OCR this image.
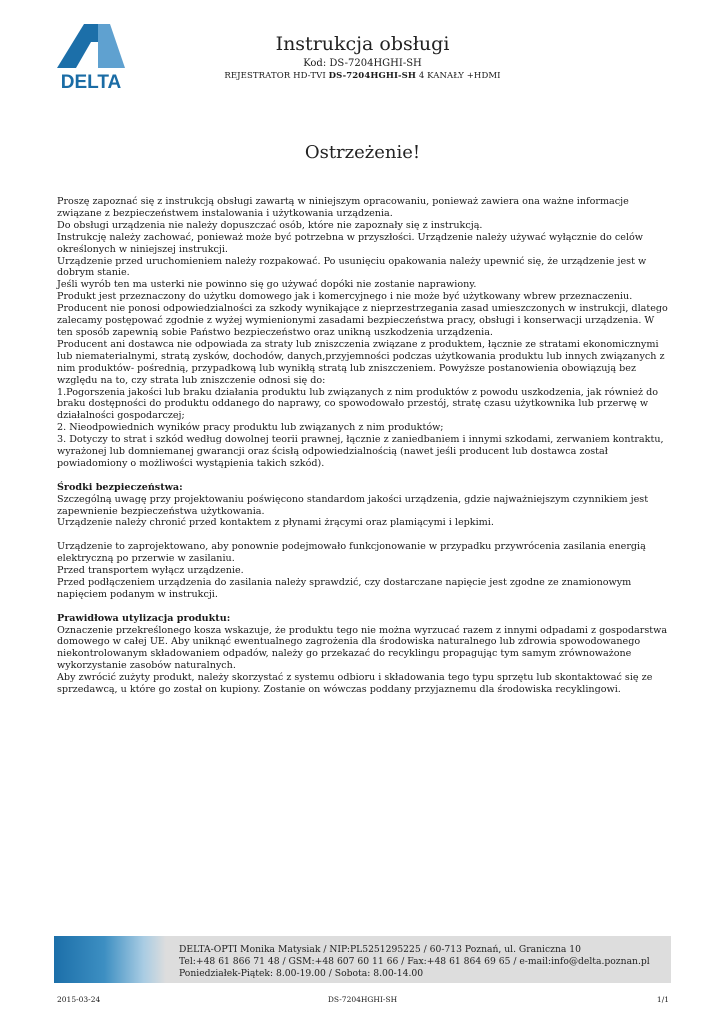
DELTA
Instrukcja obsługi
Kod: DS-7204HGHI-SH
REJESTRATOR HD-TVI DS-7204HGHI-SH 4 KANAŁY +HDMI
Ostrzeżenie!

Proszę zapoznać się z instrukcją obsługi zawartą w niniejszym opracowaniu, ponieważ zawiera ona ważne informacje związane z bezpieczeństwem instalowania i użytkowania urządzenia.

Do obsługi urządzenia nie należy dopuszczać osób, które nie zapoznały się z instrukcją.

Instrukcję należy zachować, ponieważ może być potrzebna w przyszłości. Urządzenie należy używać wyłącznie do celów określonych w niniejszej instrukcji.

Urządzenie przed uruchomieniem należy rozpakować. Po usunięciu opakowania należy upewnić się, że urządzenie jest w dobrym stanie.

Jeśli wyrób ten ma usterki nie powinno się go używać dopóki nie zostanie naprawiony.

Produkt jest przeznaczony do użytku domowego jak i komercyjnego i nie może być użytkowany wbrew przeznaczeniu.

Producent nie ponosi odpowiedzialności za szkody wynikające z nieprzestrzegania zasad umieszczonych w instrukcji, dlatego zalecamy postępować zgodnie z wyżej wymienionymi zasadami bezpieczeństwa pracy, obsługi i konserwacji urządzenia. W ten sposób zapewnią sobie Państwo bezpieczeństwo oraz unikną uszkodzenia urządzenia.

Producent ani dostawca nie odpowiada za straty lub zniszczenia związane z produktem, łącznie ze stratami ekonomicznymi lub niematerialnymi, stratą zysków, dochodów, danych,przyjemności podczas użytkowania produktu lub innych związanych z nim produktów- pośrednią, przypadkową lub wynikłą stratą lub zniszczeniem. Powyższe postanowienia obowiązują bez względu na to, czy strata lub zniszczenie odnosi się do:

1.Pogorszenia jakości lub braku działania produktu lub związanych z nim produktów z powodu uszkodzenia, jak również do braku dostępności do produktu oddanego do naprawy, co spowodowało przestój, stratę czasu użytkownika lub przerwę w działalności gospodarczej;

2. Nieodpowiednich wyników pracy produktu lub związanych z nim produktów;

3. Dotyczy to strat i szkód według dowolnej teorii prawnej, łącznie z zaniedbaniem i innymi szkodami, zerwaniem kontraktu, wyrażonej lub domniemanej gwarancji oraz ścisłą odpowiedzialnością (nawet jeśli producent lub dostawca został powiadomiony o możliwości wystąpienia takich szkód).

Środki bezpieczeństwa:

Szczególną uwagę przy projektowaniu poświęcono standardom jakości urządzenia, gdzie najważniejszym czynnikiem jest zapewnienie bezpieczeństwa użytkowania.

Urządzenie należy chronić przed kontaktem z płynami żrącymi oraz plamiącymi i lepkimi.

Urządzenie to zaprojektowano, aby ponownie podejmowało funkcjonowanie w przypadku przywrócenia zasilania energią elektryczną po przerwie w zasilaniu.

Przed transportem wyłącz urządzenie.

Przed podłączeniem urządzenia do zasilania należy sprawdzić, czy dostarczane napięcie jest zgodne ze znamionowym napięciem podanym w instrukcji.

Prawidłowa utylizacja produktu:

Oznaczenie przekreślonego kosza wskazuje, że produktu tego nie można wyrzucać razem z innymi odpadami z gospodarstwa domowego w całej UE. Aby uniknąć ewentualnego zagrożenia dla środowiska naturalnego lub zdrowia spowodowanego niekontrolowanym składowaniem odpadów, należy go przekazać do recyklingu propagując tym samym zrównoważone wykorzystanie zasobów naturalnych.

Aby zwrócić zużyty produkt, należy skorzystać z systemu odbioru i składowania tego typu sprzętu lub skontaktować się ze sprzedawcą, u które go został on kupiony. Zostanie on wówczas poddany przyjaznemu dla środowiska recyklingowi.

DELTA-OPTI Monika Matysiak / NIP:PL5251295225 / 60-713 Poznań, ul. Graniczna 10
Tel:+48 61 866 71 48 / GSM:+48 607 60 11 66 / Fax:+48 61 864 69 65 / e-mail:info@delta.poznan.pl
Poniedziałek-Piątek: 8.00-19.00 / Sobota: 8.00-14.00
2015-03-24	DS-7204HGHI-SH	1/1
